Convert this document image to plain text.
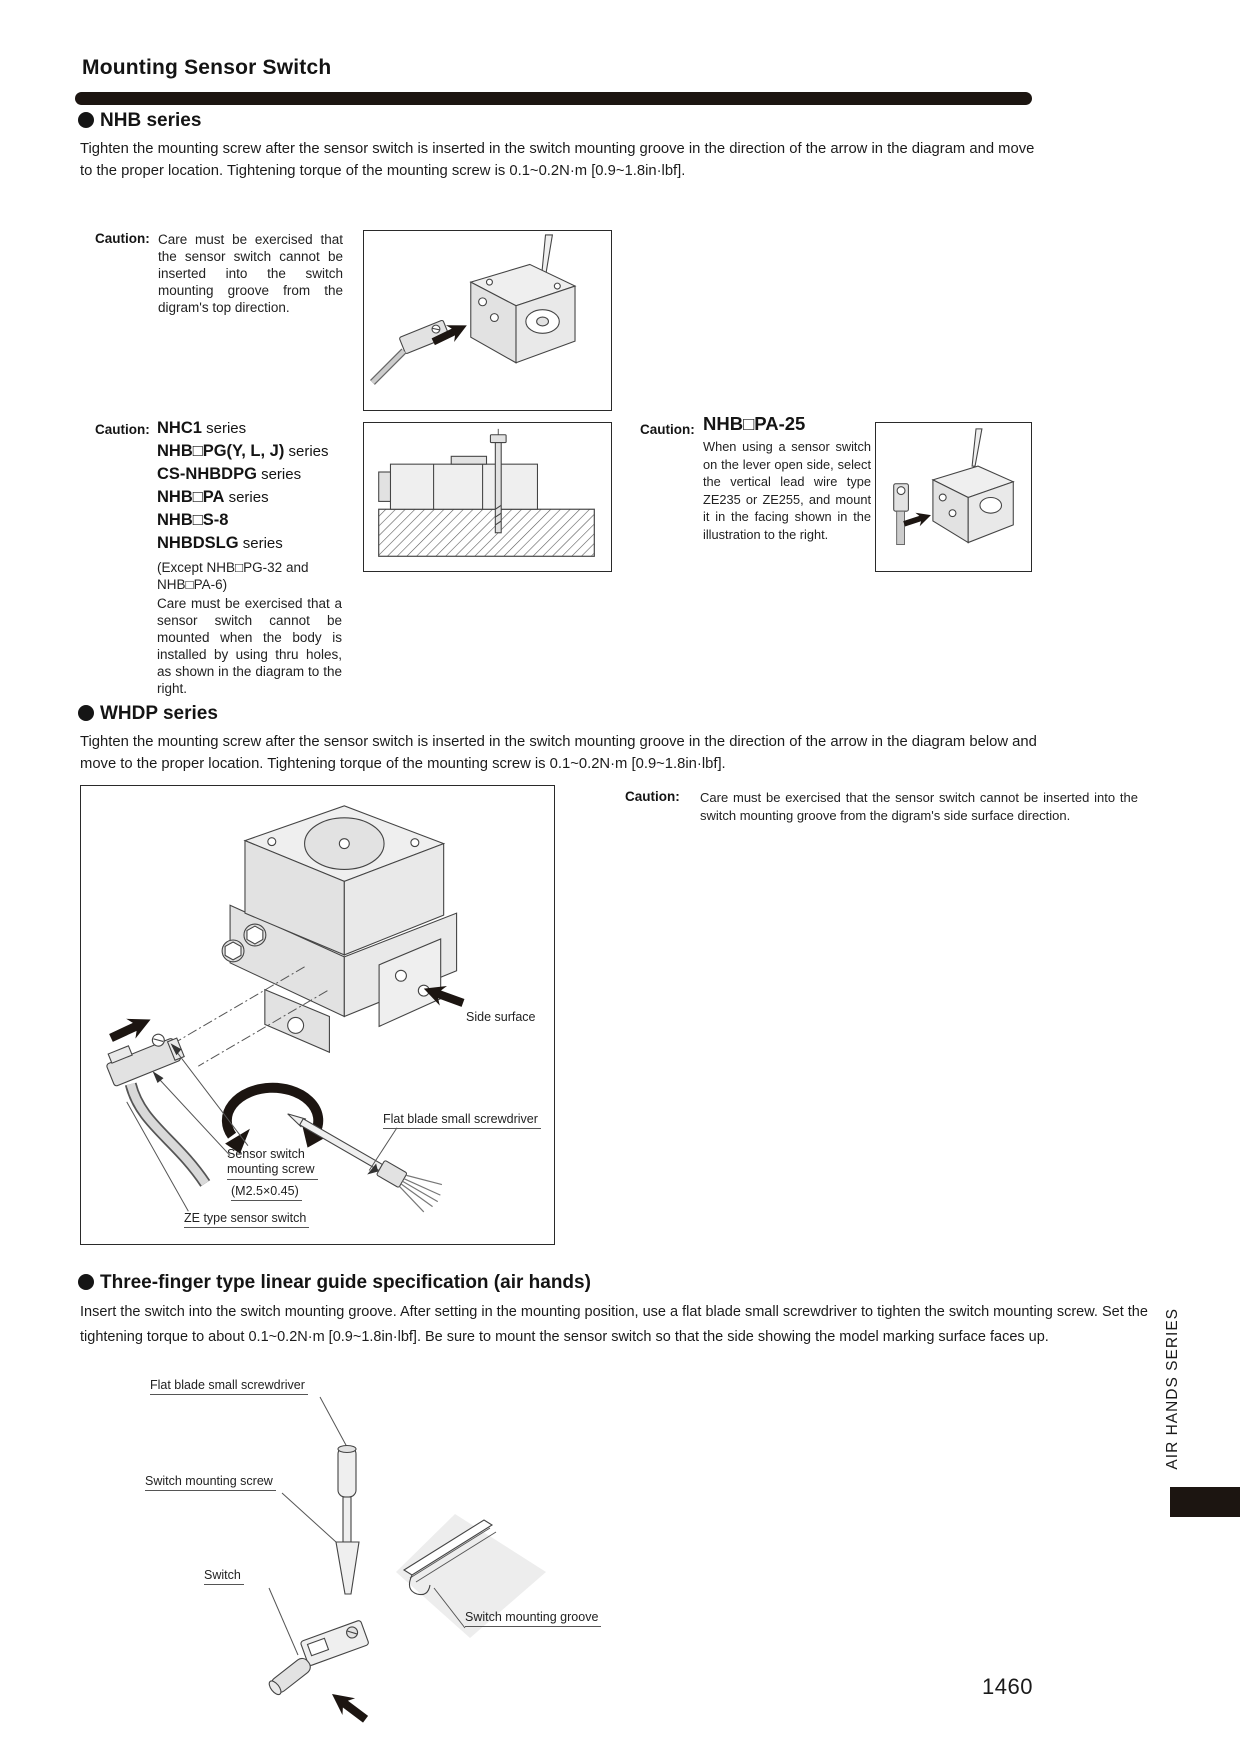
Mounting Sensor Switch
NHB series
Tighten the mounting screw after the sensor switch is inserted in the switch mounting groove in the direction of the arrow in the diagram and move to the proper location. Tightening torque of the mounting screw is 0.1~0.2N·m [0.9~1.8in·lbf].
Caution: Care must be exercised that the sensor switch cannot be inserted into the switch mounting groove from the digram's top direction.
Caution: NHC1 series
NHB□PG(Y, L, J) series
CS-NHBDPG series
NHB□PA series
NHB□S-8
NHBDSLG series
(Except NHB□PG-32 and NHB□PA-6)
Care must be exercised that a sensor switch cannot be mounted when the body is installed by using thru holes, as shown in the diagram to the right.
Caution: NHB□PA-25
When using a sensor switch on the lever open side, select the vertical lead wire type ZE235 or ZE255, and mount it in the facing shown in the illustration to the right.
WHDP series
Tighten the mounting screw after the sensor switch is inserted in the switch mounting groove in the direction of the arrow in the diagram below and move to the proper location. Tightening torque of the mounting screw is 0.1~0.2N·m [0.9~1.8in·lbf].
Caution: Care must be exercised that the sensor switch cannot be inserted into the switch mounting groove from the digram's side surface direction.
Side surface
Flat blade small screwdriver
Sensor switch
mounting screw
(M2.5×0.45)
ZE type sensor switch
Three-finger type linear guide specification (air hands)
Insert the switch into the switch mounting groove. After setting in the mounting position, use a flat blade small screwdriver to tighten the switch mounting screw. Set the tightening torque to about 0.1~0.2N·m [0.9~1.8in·lbf]. Be sure to mount the sensor switch so that the side showing the model marking surface faces up.
Flat blade small screwdriver
Switch mounting screw
Switch
Switch mounting groove
AIR HANDS SERIES
1460
